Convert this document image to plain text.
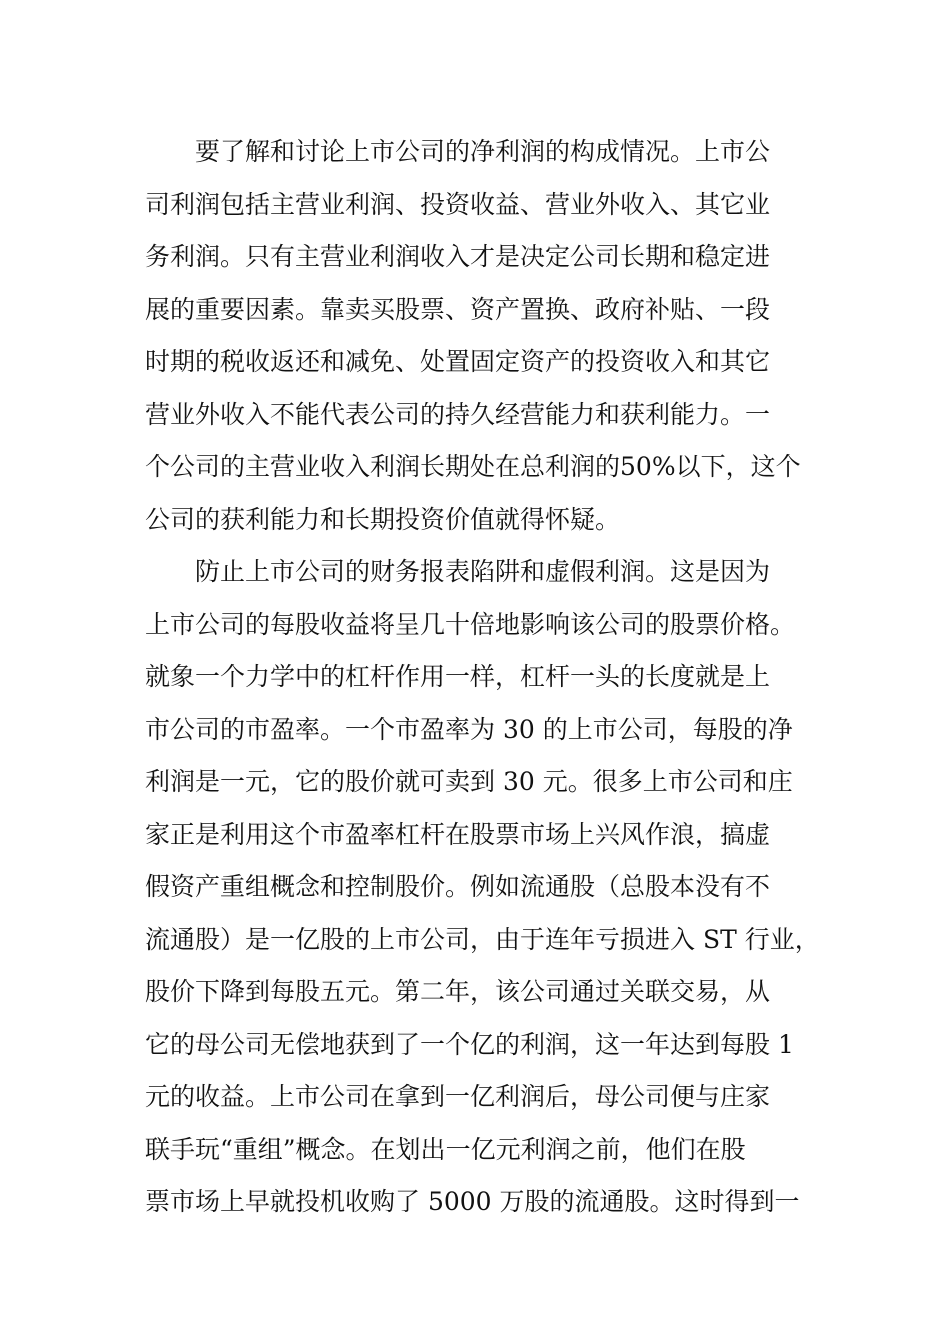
要了解和讨论上市公司的净利润的构成情况。上市公
司利润包括主营业利润、投资收益、营业外收入、其它业
务利润。只有主营业利润收入才是决定公司长期和稳定进
展的重要因素。靠卖买股票、资产置换、政府补贴、一段
时期的税收返还和减免、处置固定资产的投资收入和其它
营业外收入不能代表公司的持久经营能力和获利能力。一
个公司的主营业收入利润长期处在总利润的50%以下，这个
公司的获利能力和长期投资价值就得怀疑。
防止上市公司的财务报表陷阱和虚假利润。这是因为
上市公司的每股收益将呈几十倍地影响该公司的股票价格。
就象一个力学中的杠杆作用一样，杠杆一头的长度就是上
市公司的市盈率。一个市盈率为 30 的上市公司，每股的净
利润是一元，它的股价就可卖到 30 元。很多上市公司和庄
家正是利用这个市盈率杠杆在股票市场上兴风作浪，搞虚
假资产重组概念和控制股价。例如流通股（总股本没有不
流通股）是一亿股的上市公司，由于连年亏损进入 ST 行业，
股价下降到每股五元。第二年，该公司通过关联交易，从
它的母公司无偿地获到了一个亿的利润，这一年达到每股 1
元的收益。上市公司在拿到一亿利润后，母公司便与庄家
联手玩“重组”概念。在划出一亿元利润之前，他们在股
票市场上早就投机收购了 5000 万股的流通股。这时得到一
